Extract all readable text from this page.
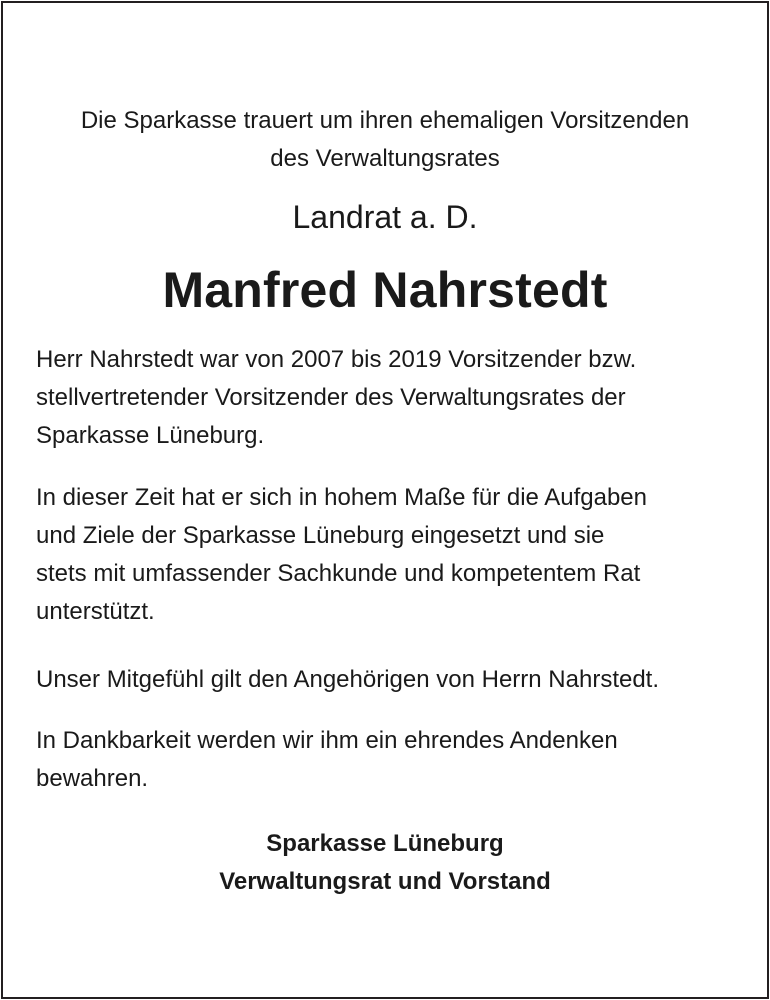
Die Sparkasse trauert um ihren ehemaligen Vorsitzenden
des Verwaltungsrates
Landrat a. D.
Manfred Nahrstedt
Herr Nahrstedt war von 2007 bis 2019 Vorsitzender bzw.
stellvertretender Vorsitzender des Verwaltungsrates der
Sparkasse Lüneburg.
In dieser Zeit hat er sich in hohem Maße für die Aufgaben
und Ziele der Sparkasse Lüneburg eingesetzt und sie
stets mit umfassender Sachkunde und kompetentem Rat
unterstützt.
Unser Mitgefühl gilt den Angehörigen von Herrn Nahrstedt.
In Dankbarkeit werden wir ihm ein ehrendes Andenken
bewahren.
Sparkasse Lüneburg
Verwaltungsrat und Vorstand
